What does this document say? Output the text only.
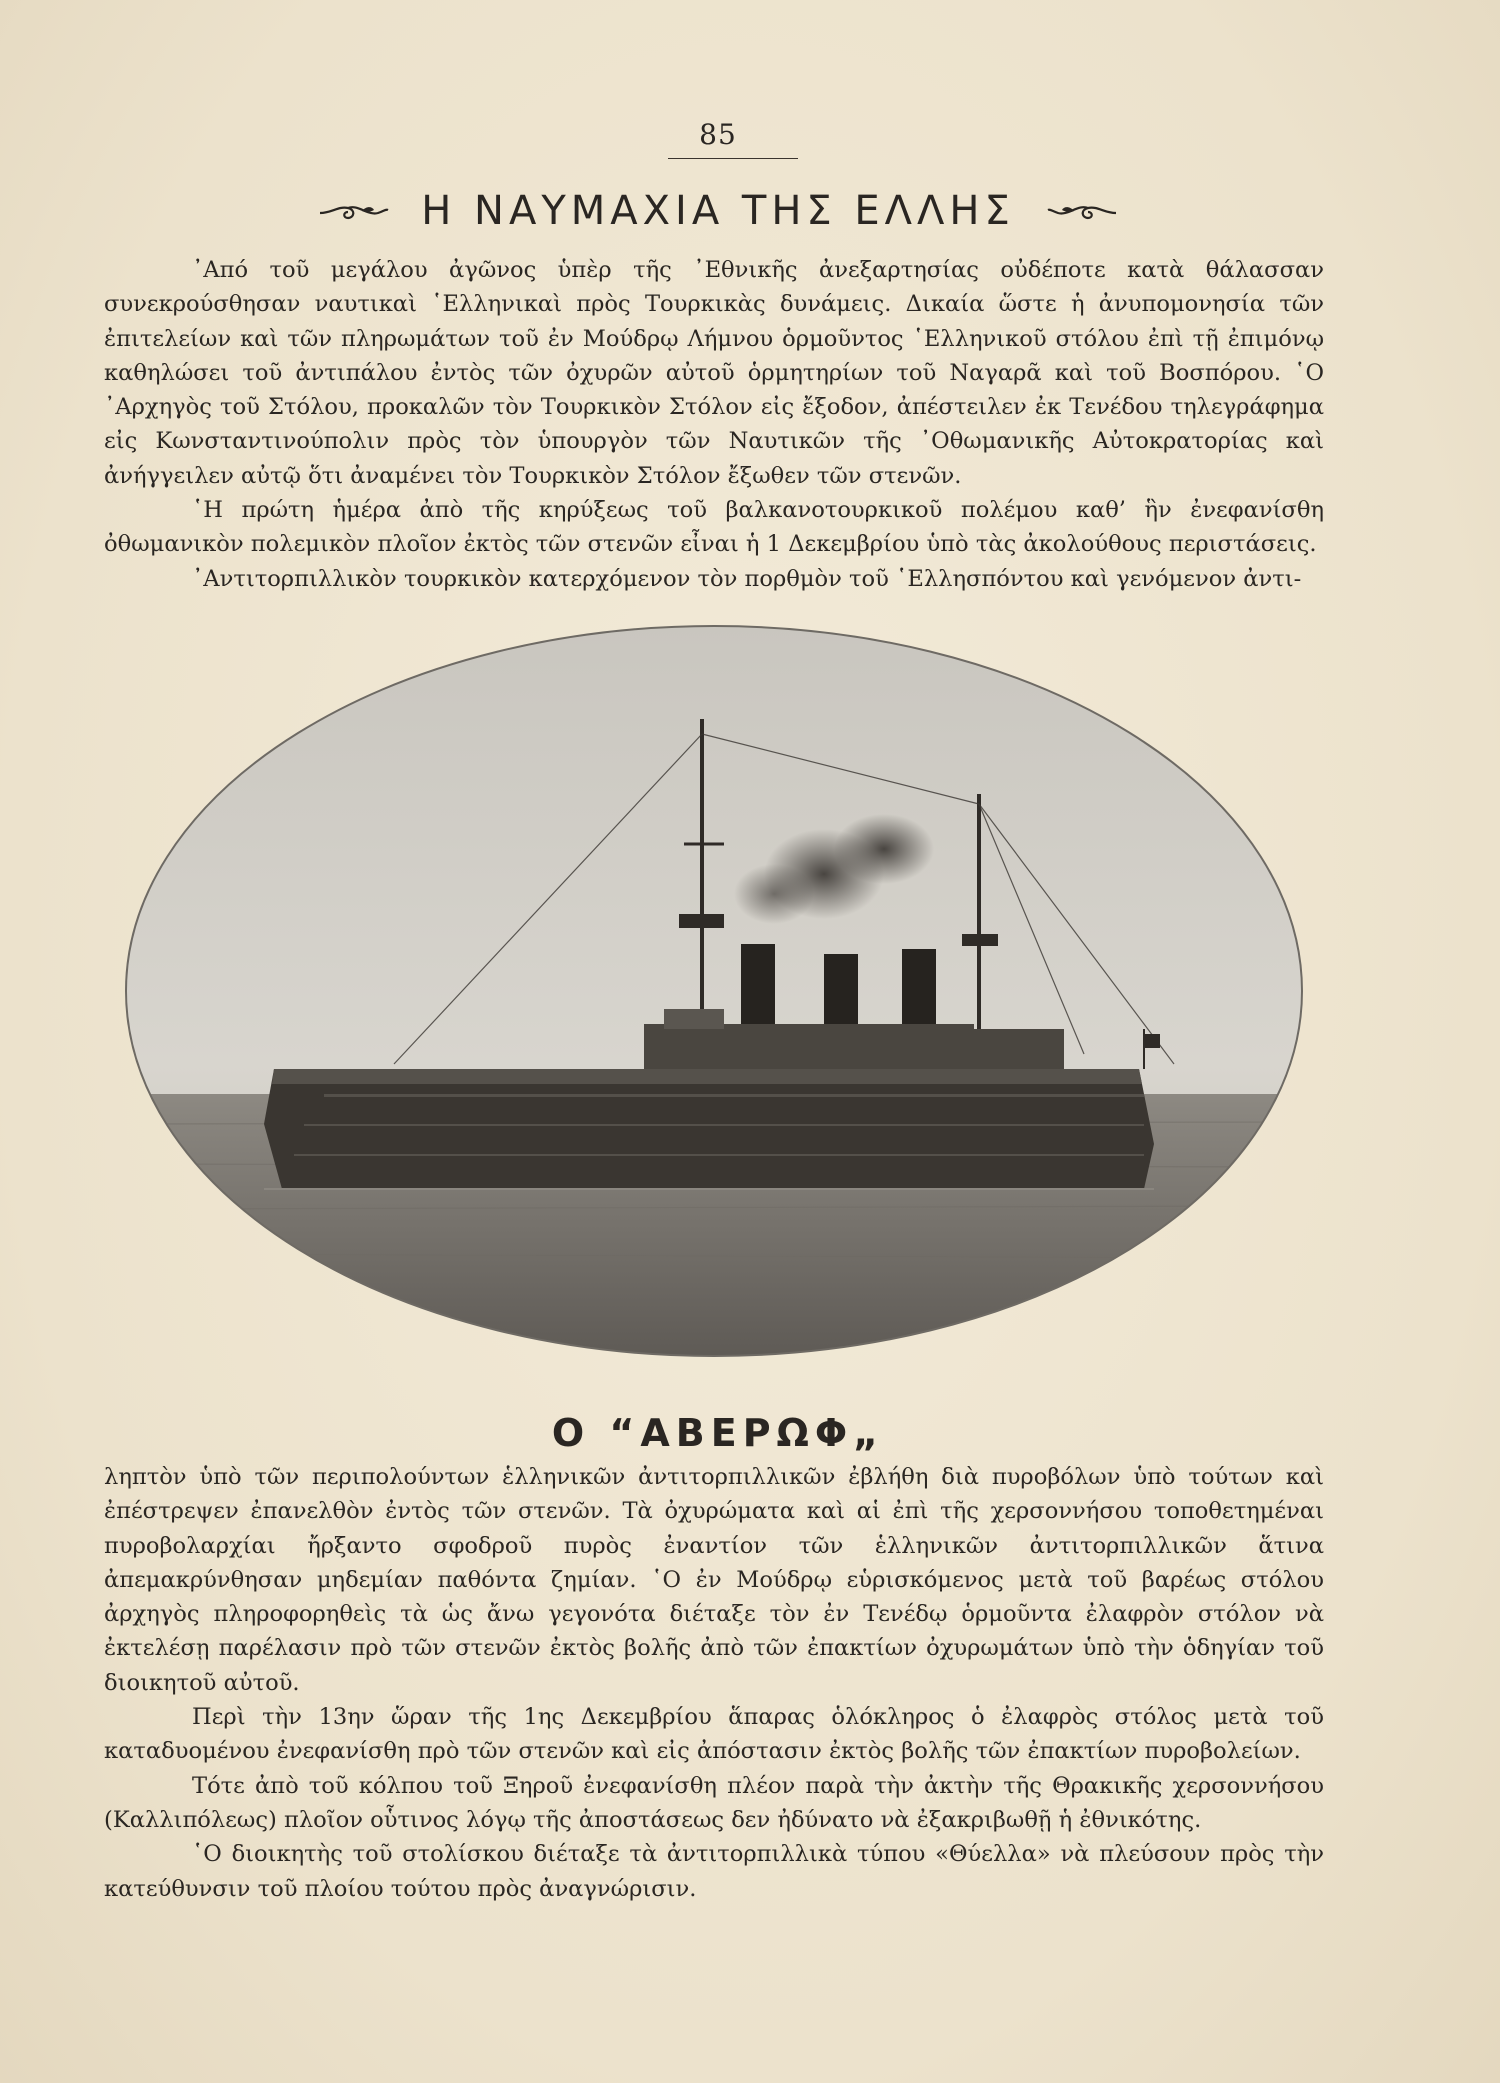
85
Η ΝΑΥΜΑΧΙΑ ΤΗΣ ΕΛΛΗΣ

᾿Από τοῦ μεγάλου ἀγῶνος ὑπὲρ τῆς ᾿Εθνικῆς ἀνεξαρτησίας οὐδέποτε κατὰ θάλασσαν συνεκρούσθησαν ναυτικαὶ ῾Ελληνικαὶ πρὸς Τουρκικὰς δυνάμεις. Δικαία ὥστε ἡ ἀνυπομονησία τῶν ἐπιτελείων καὶ τῶν πληρωμάτων τοῦ ἐν Μούδρῳ Λήμνου ὁρμοῦντος ῾Ελληνικοῦ στόλου ἐπὶ τῇ ἐπιμόνῳ καθηλώσει τοῦ ἀντιπάλου ἐντὸς τῶν ὀχυρῶν αὐτοῦ ὁρμητηρίων τοῦ Ναγαρᾶ καὶ τοῦ Βοσπόρου. ῾Ο ᾿Αρχηγὸς τοῦ Στόλου, προκαλῶν τὸν Τουρκικὸν Στόλον εἰς ἔξοδον, ἀπέστειλεν ἐκ Τενέδου τηλεγράφημα εἰς Κωνσταντινούπολιν πρὸς τὸν ὑπουργὸν τῶν Ναυτικῶν τῆς ᾿Οθωμανικῆς Αὐτοκρατορίας καὶ ἀνήγγειλεν αὐτῷ ὅτι ἀναμένει τὸν Τουρκικὸν Στόλον ἔξωθεν τῶν στενῶν.

῾Η πρώτη ἡμέρα ἀπὸ τῆς κηρύξεως τοῦ βαλκανοτουρκικοῦ πολέμου καθ’ ἣν ἐνεφανίσθη ὀθωμανικὸν πολεμικὸν πλοῖον ἐκτὸς τῶν στενῶν εἶναι ἡ 1 Δεκεμβρίου ὑπὸ τὰς ἀκολούθους περιστάσεις.

᾿Αντιτορπιλλικὸν τουρκικὸν κατερχόμενον τὸν πορθμὸν τοῦ ῾Ελλησπόντου καὶ γενόμενον ἀντι-

Ο “ΑΒΕΡΩΦ„

ληπτὸν ὑπὸ τῶν περιπολούντων ἑλληνικῶν ἀντιτορπιλλικῶν ἐβλήθη διὰ πυροβόλων ὑπὸ τούτων καὶ ἐπέστρεψεν ἐπανελθὸν ἐντὸς τῶν στενῶν. Τὰ ὀχυρώματα καὶ αἱ ἐπὶ τῆς χερσοννήσου τοποθετημέναι πυροβολαρχίαι ἤρξαντο σφοδροῦ πυρὸς ἐναντίον τῶν ἑλληνικῶν ἀντιτορπιλλικῶν ἅτινα ἀπεμακρύνθησαν μηδεμίαν παθόντα ζημίαν. ῾Ο ἐν Μούδρῳ εὑρισκόμενος μετὰ τοῦ βαρέως στόλου ἀρχηγὸς πληροφορηθεὶς τὰ ὡς ἄνω γεγονότα διέταξε τὸν ἐν Τενέδῳ ὁρμοῦντα ἐλαφρὸν στόλον νὰ ἐκτελέσῃ παρέλασιν πρὸ τῶν στενῶν ἐκτὸς βολῆς ἀπὸ τῶν ἐπακτίων ὀχυρωμάτων ὑπὸ τὴν ὁδηγίαν τοῦ διοικητοῦ αὐτοῦ.

Περὶ τὴν 13ην ὥραν τῆς 1ης Δεκεμβρίου ἅπαρας ὁλόκληρος ὁ ἐλαφρὸς στόλος μετὰ τοῦ καταδυομένου ἐνεφανίσθη πρὸ τῶν στενῶν καὶ εἰς ἀπόστασιν ἐκτὸς βολῆς τῶν ἐπακτίων πυροβολείων.

Τότε ἀπὸ τοῦ κόλπου τοῦ Ξηροῦ ἐνεφανίσθη πλέον παρὰ τὴν ἀκτὴν τῆς Θρακικῆς χερσοννήσου (Καλλιπόλεως) πλοῖον οὗτινος λόγῳ τῆς ἀποστάσεως δεν ἠδύνατο νὰ ἐξακριβωθῇ ἡ ἐθνικότης.

῾Ο διοικητὴς τοῦ στολίσκου διέταξε τὰ ἀντιτορπιλλικὰ τύπου «Θύελλα» νὰ πλεύσουν πρὸς τὴν κατεύθυνσιν τοῦ πλοίου τούτου πρὸς ἀναγνώρισιν.
